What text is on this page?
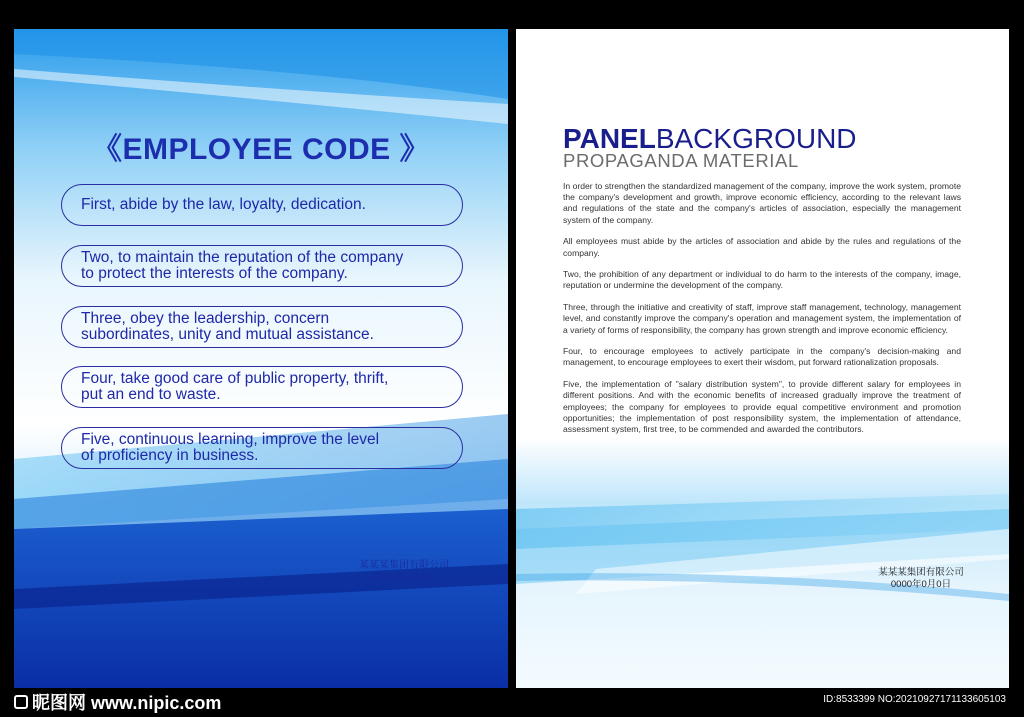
《EMPLOYEE CODE 》
First, abide by the law, loyalty, dedication.
Two, to maintain the reputation of the company
to protect the interests of the company.
Three, obey the leadership, concern
subordinates, unity and mutual assistance.
Four, take good care of public property, thrift,
put an end to waste.
Five, continuous learning, improve the level
of proficiency in business.
某某某集团有限公司
0000年0月0日
PANELBACKGROUND
PROPAGANDA MATERIAL

In order to strengthen the standardized management of the company, improve the work system, promote the company's development and growth, improve economic efficiency, according to the relevant laws and regulations of the state and the company's articles of association, especially the management system of the company.

All employees must abide by the articles of association and abide by the rules and regulations of the company.

Two, the prohibition of any department or individual to do harm to the interests of the company, image, reputation or undermine the development of the company.

Three, through the initiative and creativity of staff, improve staff management, technology, management level, and constantly improve the company's operation and management system, the implementation of a variety of forms of responsibility, the company has grown strength and improve economic efficiency.

Four, to encourage employees to actively participate in the company's decision-making and management, to encourage employees to exert their wisdom, put forward rationalization proposals.

Five, the implementation of "salary distribution system", to provide different salary for employees in different positions. And with the economic benefits of increased gradually improve the treatment of employees; the company for employees to provide equal competitive environment and promotion opportunities; the implementation of post responsibility system, the implementation of attendance, assessment system, first tree, to be commended and awarded the contributors.

某某某集团有限公司
0000年0月0日
昵图网 www.nipic.com	ID:8533399 NO:20210927171133605103
